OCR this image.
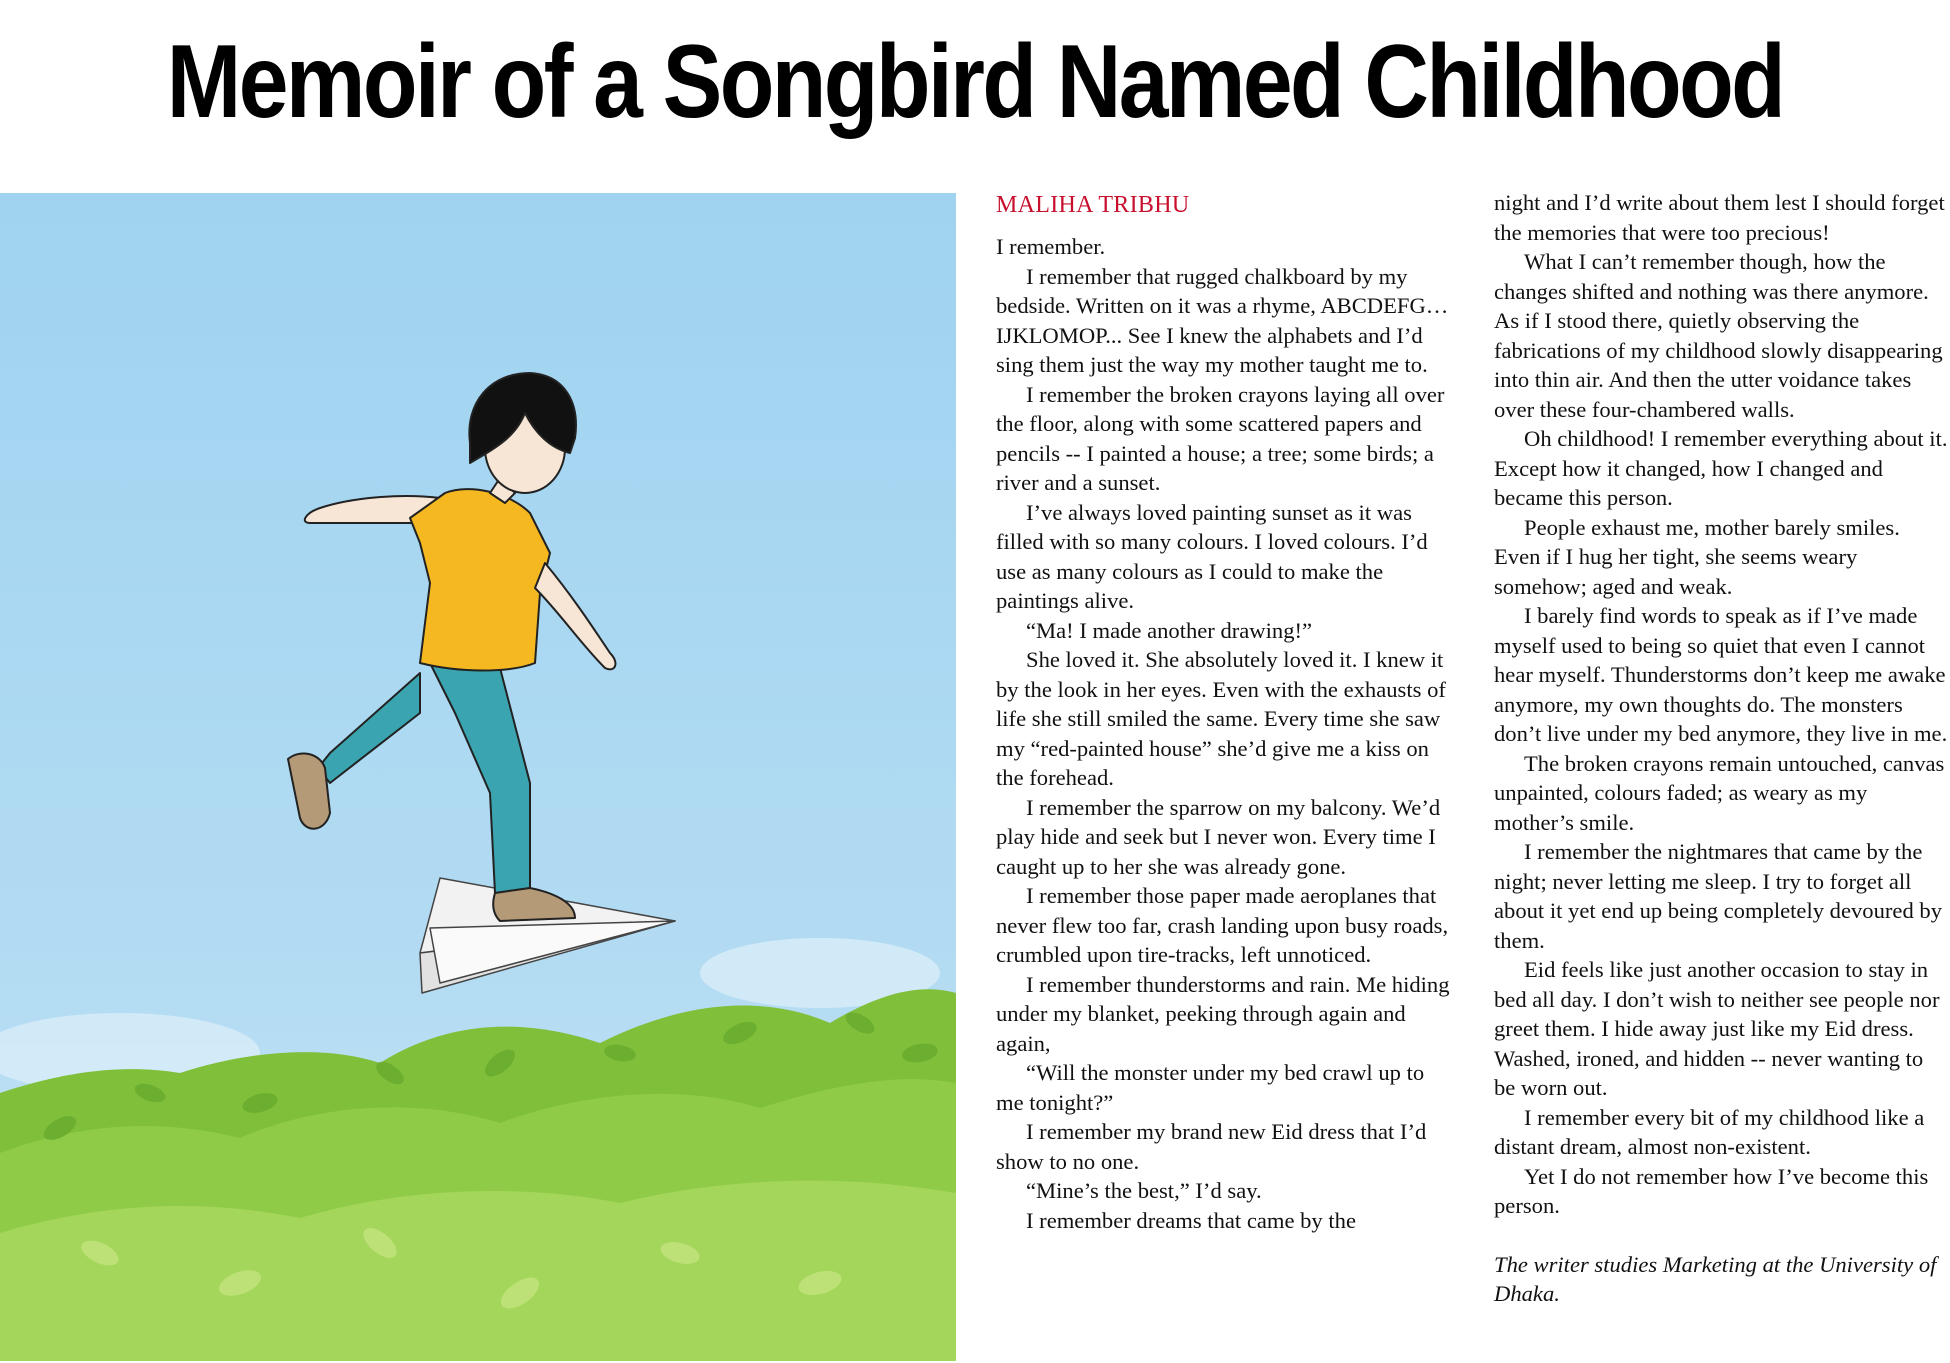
Memoir of a Songbird Named Childhood

MALIHA TRIBHU

I remember.

I remember that rugged chalkboard by my bedside. Written on it was a rhyme, ABCDEFG… IJKLOMOP... See I knew the alphabets and I’d sing them just the way my mother taught me to.

I remember the broken crayons laying all over the floor, along with some scattered papers and pencils -- I painted a house; a tree; some birds; a river and a sunset.

I’ve always loved painting sunset as it was filled with so many colours. I loved colours. I’d use as many colours as I could to make the paintings alive.

“Ma! I made another drawing!”

She loved it. She absolutely loved it. I knew it by the look in her eyes. Even with the exhausts of life she still smiled the same. Every time she saw my “red-painted house” she’d give me a kiss on the forehead.

I remember the sparrow on my balcony. We’d play hide and seek but I never won. Every time I caught up to her she was already gone.

I remember those paper made aeroplanes that never flew too far, crash landing upon busy roads, crumbled upon tire-tracks, left unnoticed.

I remember thunderstorms and rain. Me hiding under my blanket, peeking through again and again,

“Will the monster under my bed crawl up to me tonight?”

I remember my brand new Eid dress that I’d show to no one.

“Mine’s the best,” I’d say.

I remember dreams that came by the

night and I’d write about them lest I should forget the memories that were too precious!

What I can’t remember though, how the changes shifted and nothing was there anymore. As if I stood there, quietly observing the fabrications of my childhood slowly disappearing into thin air. And then the utter voidance takes over these four-chambered walls.

Oh childhood! I remember everything about it. Except how it changed, how I changed and became this person.

People exhaust me, mother barely smiles. Even if I hug her tight, she seems weary somehow; aged and weak.

I barely find words to speak as if I’ve made myself used to being so quiet that even I cannot hear myself. Thunderstorms don’t keep me awake anymore, my own thoughts do. The monsters don’t live under my bed anymore, they live in me.

The broken crayons remain untouched, canvas unpainted, colours faded; as weary as my mother’s smile.

I remember the nightmares that came by the night; never letting me sleep. I try to forget all about it yet end up being completely devoured by them.

Eid feels like just another occasion to stay in bed all day. I don’t wish to neither see people nor greet them. I hide away just like my Eid dress. Washed, ironed, and hidden -- never wanting to be worn out.

I remember every bit of my childhood like a distant dream, almost non-existent.

Yet I do not remember how I’ve become this person.

The writer studies Marketing at the University of Dhaka.
